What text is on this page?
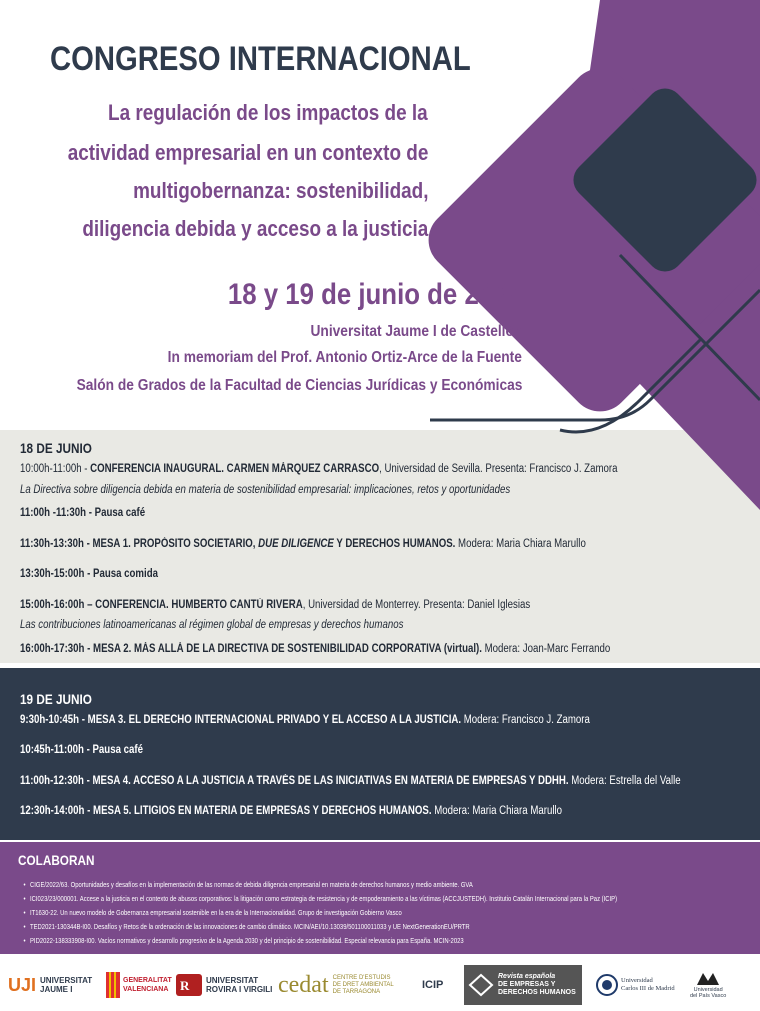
CONGRESO INTERNACIONAL
La regulación de los impactos de la
actividad empresarial en un contexto de
multigobernanza: sostenibilidad,
diligencia debida y acceso a la justicia
18 y 19 de junio de 2024
Universitat Jaume I de Castellón
In memoriam del Prof. Antonio Ortiz-Arce de la Fuente
Salón de Grados de la Facultad de Ciencias Jurídicas y Económicas
18 DE JUNIO
10:00h-11:00h - CONFERENCIA INAUGURAL. CARMEN MÁRQUEZ CARRASCO, Universidad de Sevilla. Presenta: Francisco J. Zamora
La Directiva sobre diligencia debida en materia de sostenibilidad empresarial: implicaciones, retos y oportunidades
11:00h -11:30h - Pausa café
11:30h-13:30h - MESA 1. PROPÓSITO SOCIETARIO, DUE DILIGENCE Y DERECHOS HUMANOS. Modera: Maria Chiara Marullo
13:30h-15:00h - Pausa comida
15:00h-16:00h – CONFERENCIA. HUMBERTO CANTÚ RIVERA, Universidad de Monterrey. Presenta: Daniel Iglesias
Las contribuciones latinoamericanas al régimen global de empresas y derechos humanos
16:00h-17:30h - MESA 2. MÁS ALLÁ DE LA DIRECTIVA DE SOSTENIBILIDAD CORPORATIVA (virtual). Modera: Joan-Marc Ferrando
19 DE JUNIO
9:30h-10:45h - MESA 3. EL DERECHO INTERNACIONAL PRIVADO Y EL ACCESO A LA JUSTICIA. Modera: Francisco J. Zamora
10:45h-11:00h - Pausa café
11:00h-12:30h - MESA 4. ACCESO A LA JUSTICIA A TRAVÉS DE LAS INICIATIVAS EN MATERIA DE EMPRESAS Y DDHH. Modera: Estrella del Valle
12:30h-14:00h - MESA 5. LITIGIOS EN MATERIA DE EMPRESAS Y DERECHOS HUMANOS. Modera: Maria Chiara Marullo
COLABORAN
• CIGE/2022/63. Oportunidades y desafíos en la implementación de las normas de debida diligencia empresarial en materia de derechos humanos y medio ambiente. GVA
• ICI023/23/000001. Accese a la justicia en el contexto de abusos corporativos: la litigación como estrategia de resistencia y de empoderamiento a las víctimas (ACCJUSTEDH). Institutio Catalán Internacional para la Paz (ICIP)
• IT1630-22. Un nuevo modelo de Gobernanza empresarial sostenible en la era de la Internacionalidad. Grupo de investigación Gobierno Vasco
• TED2021-130344B-I00. Desafíos y Retos de la ordenación de las innovaciones de cambio climático. MCIN/AEI/10.13039/501100011033 y UE NextGenerationEU/PRTR
• PID2022-138333908-I00. Vacíos normativos y desarrollo progresivo de la Agenda 2030 y del principio de sostenibilidad. Especial relevancia para España. MCIN-2023
UJI UNIVERSITAT
JAUME I
GENERALITAT
VALENCIANA R UNIVERSITAT
ROVIRA I VIRGILI cedat CENTRE D'ESTUDIS
DE DRET AMBIENTAL
DE TARRAGONA
ICIP
Revista española
DE EMPRESAS Y
DERECHOS HUMANOS
Universidad
Carlos III de Madrid	Universidad
del País Vasco
